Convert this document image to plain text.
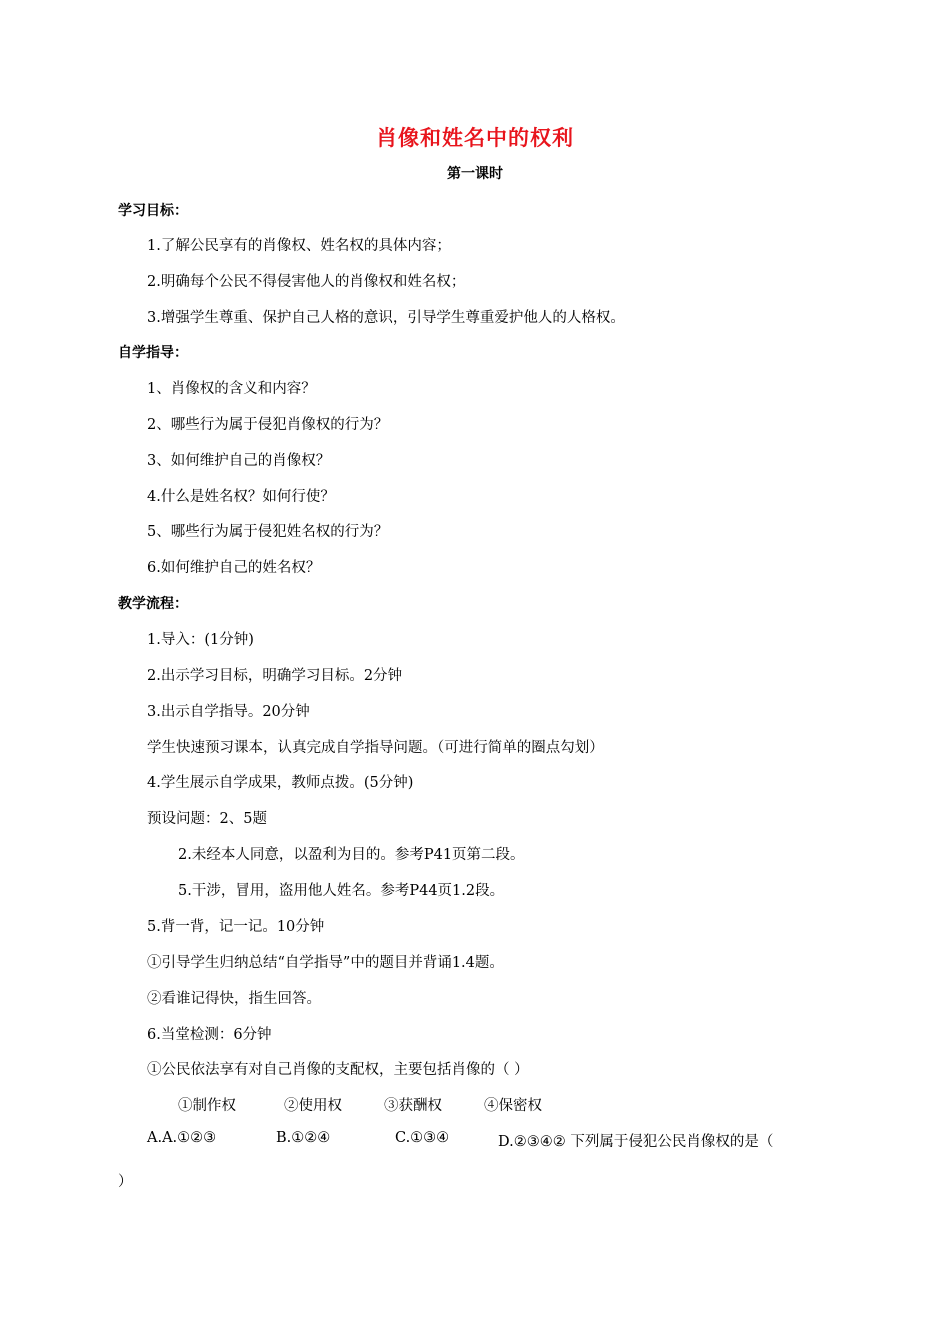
肖像和姓名中的权利
第一课时
学习目标：
1.了解公民享有的肖像权、姓名权的具体内容；
2.明确每个公民不得侵害他人的肖像权和姓名权；
3.增强学生尊重、保护自己人格的意识，引导学生尊重爱护他人的人格权。
自学指导：
1、肖像权的含义和内容？
2、哪些行为属于侵犯肖像权的行为？
3、如何维护自己的肖像权？
4.什么是姓名权？如何行使？
5、哪些行为属于侵犯姓名权的行为？
6.如何维护自己的姓名权？
教学流程：
1.导入：(1分钟)
2.出示学习目标，明确学习目标。2分钟
3.出示自学指导。20分钟
学生快速预习课本，认真完成自学指导问题。（可进行简单的圈点勾划）
4.学生展示自学成果，教师点拨。(5分钟)
预设问题：2、5题
2.未经本人同意，以盈利为目的。参考P41页第二段。
5.干涉，冒用，盗用他人姓名。参考P44页1.2段。
5.背一背，记一记。10分钟
①引导学生归纳总结“自学指导”中的题目并背诵1.4题。
②看谁记得快，指生回答。
6.当堂检测：6分钟
①公民依法享有对自己肖像的支配权，主要包括肖像的（ ）
①制作权	②使用权	③获酬权	④保密权
A.A.①②③	B.①②④	C.①③④	D.②③④② 下列属于侵犯公民肖像权的是（
）
